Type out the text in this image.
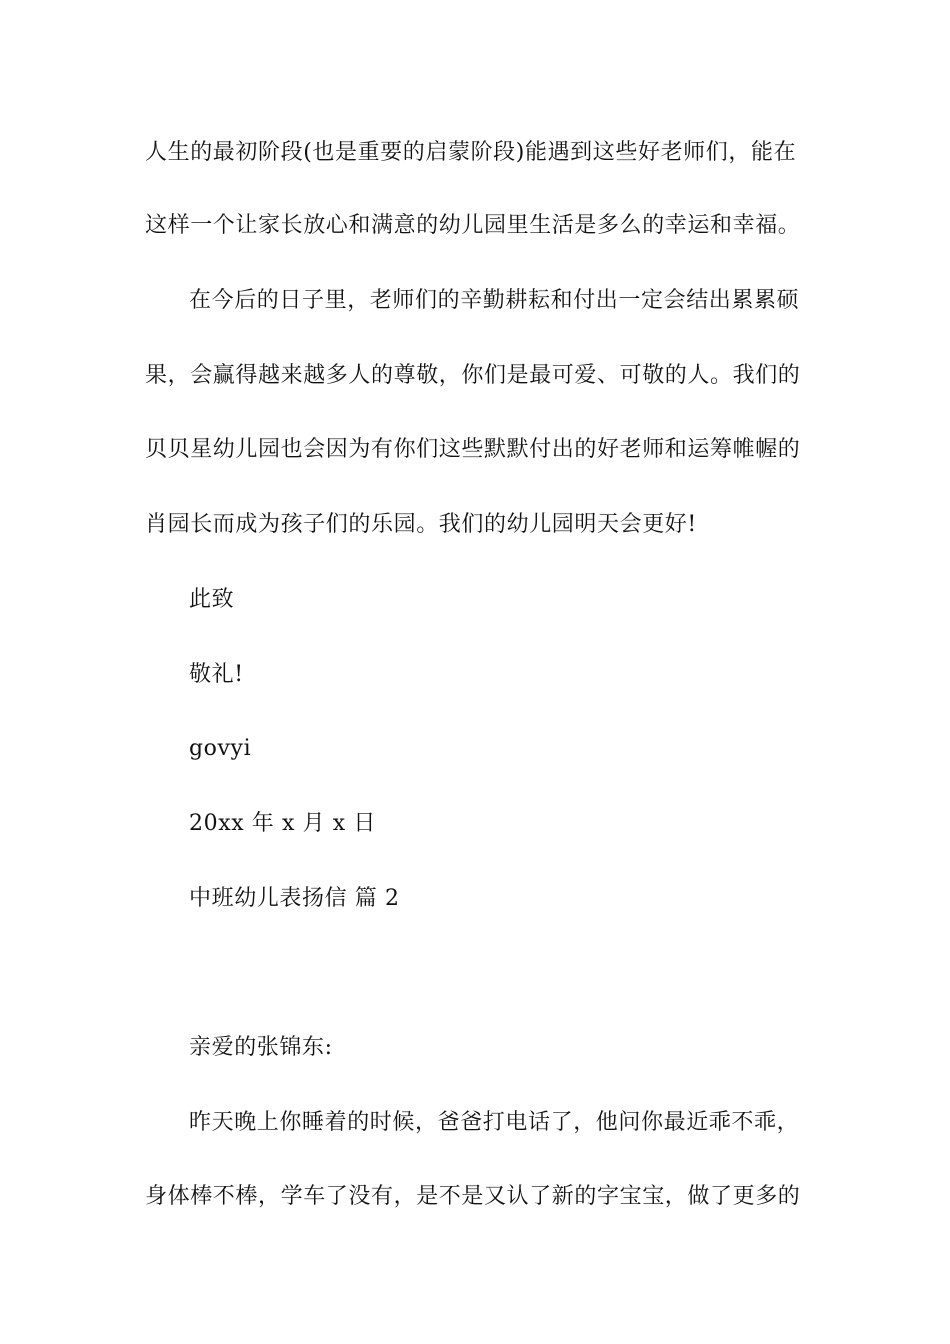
人生的最初阶段(也是重要的启蒙阶段)能遇到这些好老师们，能在
这样一个让家长放心和满意的幼儿园里生活是多么的幸运和幸福。
在今后的日子里，老师们的辛勤耕耘和付出一定会结出累累硕
果，会赢得越来越多人的尊敬，你们是最可爱、可敬的人。我们的
贝贝星幼儿园也会因为有你们这些默默付出的好老师和运筹帷幄的
肖园长而成为孩子们的乐园。我们的幼儿园明天会更好!
此致
敬礼!
govyi
20xx 年 x 月 x 日
中班幼儿表扬信 篇 2
亲爱的张锦东:
昨天晚上你睡着的时候，爸爸打电话了，他问你最近乖不乖，
身体棒不棒，学车了没有，是不是又认了新的字宝宝，做了更多的
